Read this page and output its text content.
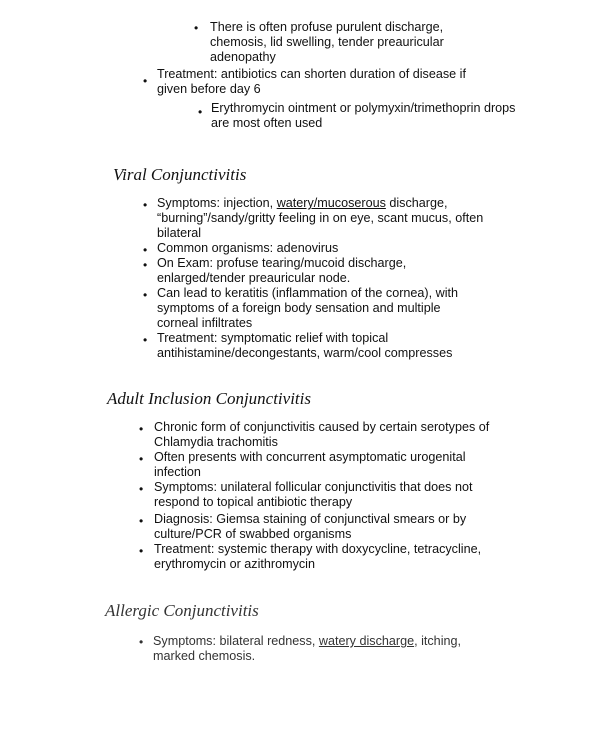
• There is often profuse purulent discharge, chemosis, lid swelling, tender preauricular adenopathy

• Treatment: antibiotics can shorten duration of disease if given before day 6

• Erythromycin ointment or polymyxin/trimethoprin drops are most often used

Viral Conjunctivitis
• Symptoms: injection, watery/mucoserous discharge, “burning”/sandy/gritty feeling in on eye, scant mucus, often bilateral

• Common organisms: adenovirus

• On Exam: profuse tearing/mucoid discharge, enlarged/tender preauricular node.

• Can lead to keratitis (inflammation of the cornea), with symptoms of a foreign body sensation and multiple corneal infiltrates

• Treatment: symptomatic relief with topical antihistamine/decongestants, warm/cool compresses

Adult Inclusion Conjunctivitis
• Chronic form of conjunctivitis caused by certain serotypes of Chlamydia trachomitis

• Often presents with concurrent asymptomatic urogenital infection

• Symptoms: unilateral follicular conjunctivitis that does not respond to topical antibiotic therapy

• Diagnosis: Giemsa staining of conjunctival smears or by culture/PCR of swabbed organisms

• Treatment: systemic therapy with doxycycline, tetracycline, erythromycin or azithromycin

Allergic Conjunctivitis
• Symptoms: bilateral redness, watery discharge, itching, marked chemosis.
